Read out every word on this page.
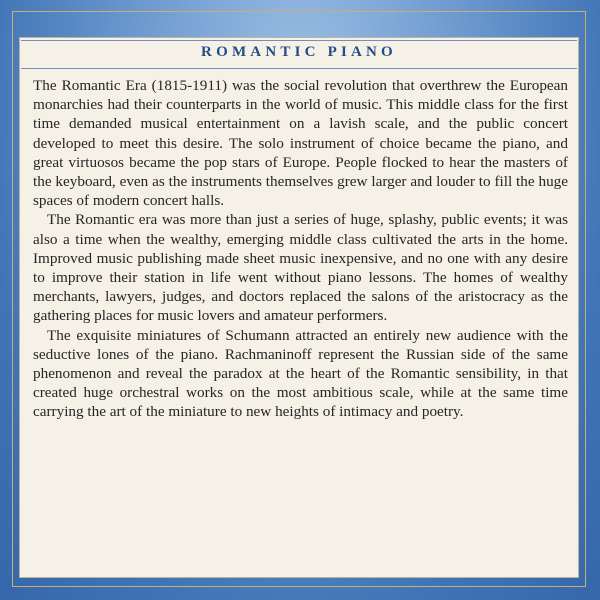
ROMANTIC PIANO

The Romantic Era (1815-1911) was the social revolution that overthrew the European monarchies had their counterparts in the world of music. This middle class for the first time demanded musical entertainment on a lavish scale, and the public concert developed to meet this desire. The solo instrument of choice became the piano, and great virtuosos became the pop stars of Europe. People flocked to hear the masters of the keyboard, even as the instruments themselves grew larger and louder to fill the huge spaces of modern concert halls.

The Romantic era was more than just a series of huge, splashy, public events; it was also a time when the wealthy, emerging middle class cultivated the arts in the home. Improved music publishing made sheet music inexpensive, and no one with any desire to improve their station in life went without piano lessons. The homes of wealthy merchants, lawyers, judges, and doctors replaced the salons of the aristocracy as the gathering places for music lovers and amateur performers.

The exquisite miniatures of Schumann attracted an entirely new audience with the seductive lones of the piano. Rachmaninoff represent the Russian side of the same phenomenon and reveal the paradox at the heart of the Romantic sensibility, in that created huge orchestral works on the most ambitious scale, while at the same time carrying the art of the miniature to new heights of intimacy and poetry.
